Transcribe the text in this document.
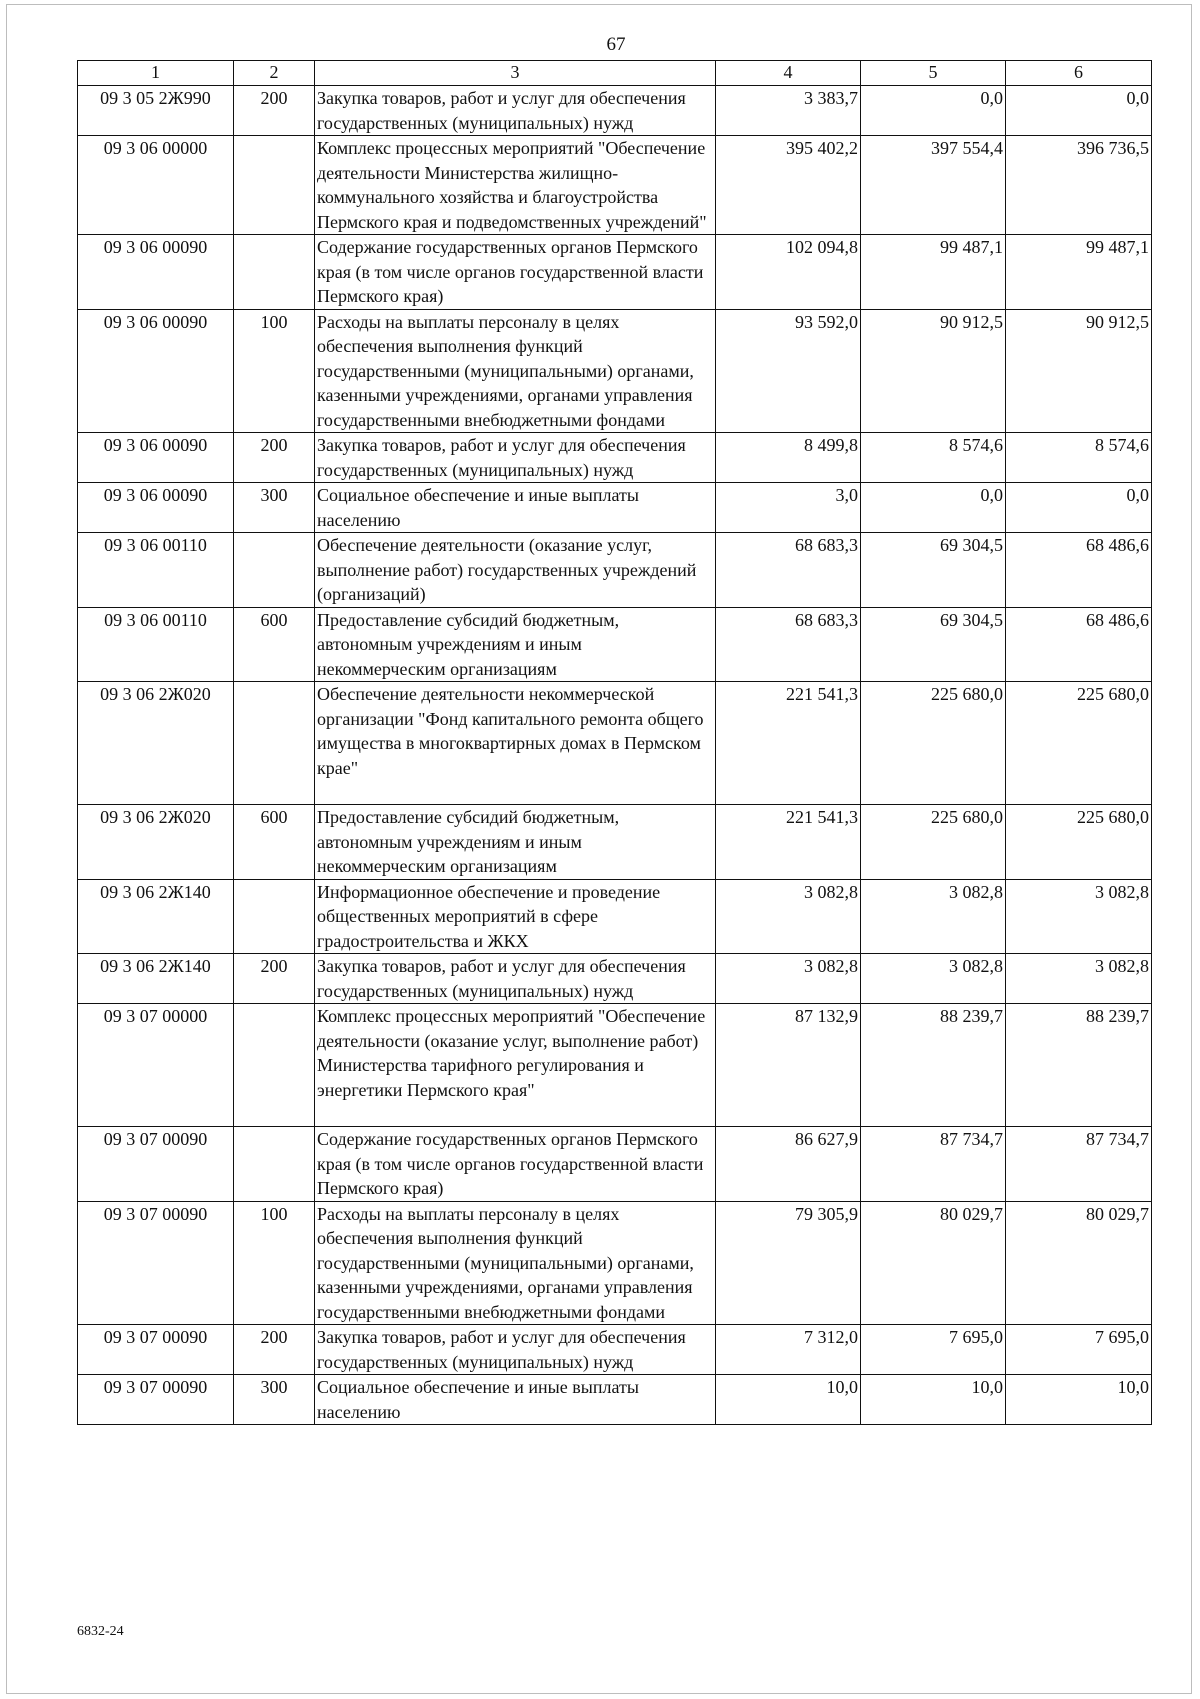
67
1	2	3	4	5	6
09 3 05 2Ж990	200	Закупка товаров, работ и услуг для обеспечения государственных (муниципальных) нужд	3 383,7	0,0	0,0
09 3 06 00000		Комплекс процессных мероприятий "Обеспечение деятельности Министерства жилищно-коммунального хозяйства и благоустройства Пермского края и подведомственных учреждений"	395 402,2	397 554,4	396 736,5
09 3 06 00090		Содержание государственных органов Пермского края (в том числе органов государственной власти Пермского края)	102 094,8	99 487,1	99 487,1
09 3 06 00090	100	Расходы на выплаты персоналу в целях обеспечения выполнения функций государственными (муниципальными) органами, казенными учреждениями, органами управления государственными внебюджетными фондами	93 592,0	90 912,5	90 912,5
09 3 06 00090	200	Закупка товаров, работ и услуг для обеспечения государственных (муниципальных) нужд	8 499,8	8 574,6	8 574,6
09 3 06 00090	300	Социальное обеспечение и иные выплаты населению	3,0	0,0	0,0
09 3 06 00110		Обеспечение деятельности (оказание услуг, выполнение работ) государственных учреждений (организаций)	68 683,3	69 304,5	68 486,6
09 3 06 00110	600	Предоставление субсидий бюджетным, автономным учреждениям и иным некоммерческим организациям	68 683,3	69 304,5	68 486,6
09 3 06 2Ж020		Обеспечение деятельности некоммерческой организации "Фонд капитального ремонта общего имущества в многоквартирных домах в Пермском крае"	221 541,3	225 680,0	225 680,0
09 3 06 2Ж020	600	Предоставление субсидий бюджетным, автономным учреждениям и иным некоммерческим организациям	221 541,3	225 680,0	225 680,0
09 3 06 2Ж140		Информационное обеспечение и проведение общественных мероприятий в сфере градостроительства и ЖКХ	3 082,8	3 082,8	3 082,8
09 3 06 2Ж140	200	Закупка товаров, работ и услуг для обеспечения государственных (муниципальных) нужд	3 082,8	3 082,8	3 082,8
09 3 07 00000		Комплекс процессных мероприятий "Обеспечение деятельности (оказание услуг, выполнение работ) Министерства тарифного регулирования и энергетики Пермского края"	87 132,9	88 239,7	88 239,7
09 3 07 00090		Содержание государственных органов Пермского края (в том числе органов государственной власти Пермского края)	86 627,9	87 734,7	87 734,7
09 3 07 00090	100	Расходы на выплаты персоналу в целях обеспечения выполнения функций государственными (муниципальными) органами, казенными учреждениями, органами управления государственными внебюджетными фондами	79 305,9	80 029,7	80 029,7
09 3 07 00090	200	Закупка товаров, работ и услуг для обеспечения государственных (муниципальных) нужд	7 312,0	7 695,0	7 695,0
09 3 07 00090	300	Социальное обеспечение и иные выплаты населению	10,0	10,0	10,0
6832-24
